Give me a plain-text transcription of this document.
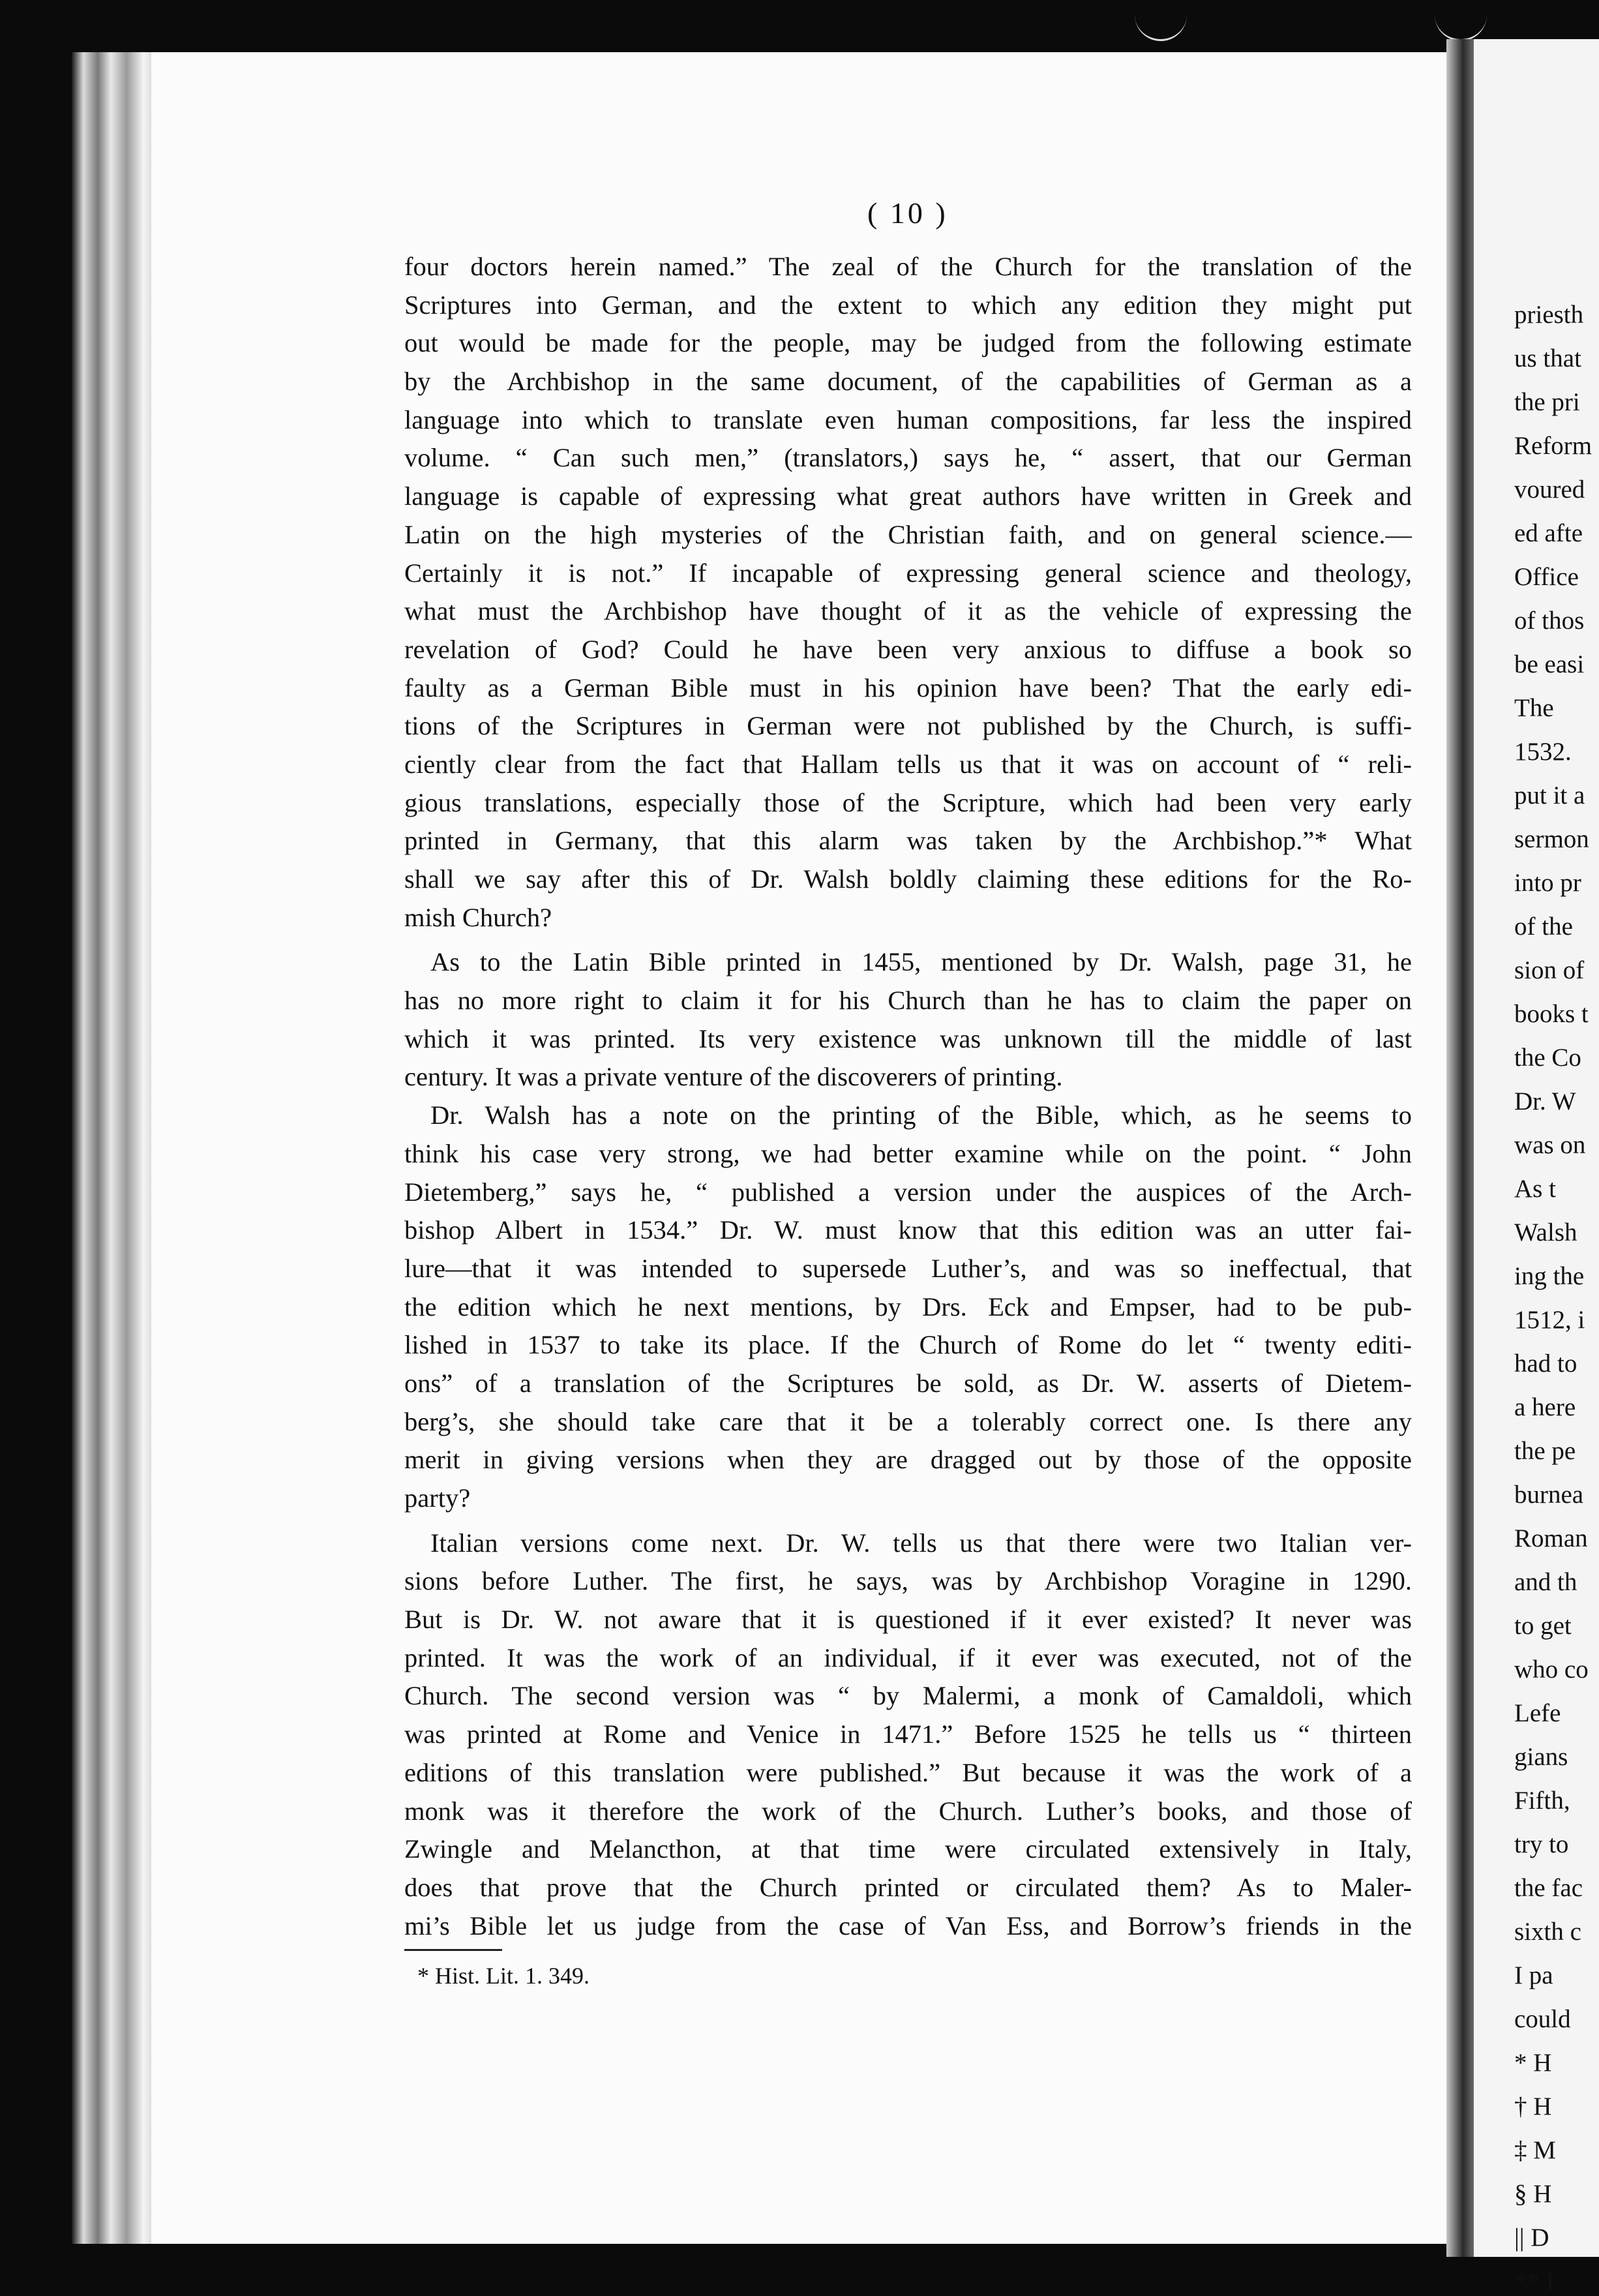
( 10 )
four doctors herein named.” The zeal of the Church for the translation of the
Scriptures into German, and the extent to which any edition they might put
out would be made for the people, may be judged from the following estimate
by the Archbishop in the same document, of the capabilities of German as a
language into which to translate even human compositions, far less the inspired
volume. “ Can such men,” (translators,) says he, “ assert, that our German
language is capable of expressing what great authors have written in Greek and
Latin on the high mysteries of the Christian faith, and on general science.—
Certainly it is not.” If incapable of expressing general science and theology,
what must the Archbishop have thought of it as the vehicle of expressing the
revelation of God? Could he have been very anxious to diffuse a book so
faulty as a German Bible must in his opinion have been? That the early edi-
tions of the Scriptures in German were not published by the Church, is suffi-
ciently clear from the fact that Hallam tells us that it was on account of “ reli-
gious translations, especially those of the Scripture, which had been very early
printed in Germany, that this alarm was taken by the Archbishop.”* What
shall we say after this of Dr. Walsh boldly claiming these editions for the Ro-
mish Church?
As to the Latin Bible printed in 1455, mentioned by Dr. Walsh, page 31, he
has no more right to claim it for his Church than he has to claim the paper on
which it was printed. Its very existence was unknown till the middle of last
century. It was a private venture of the discoverers of printing.
Dr. Walsh has a note on the printing of the Bible, which, as he seems to
think his case very strong, we had better examine while on the point. “ John
Dietemberg,” says he, “ published a version under the auspices of the Arch-
bishop Albert in 1534.” Dr. W. must know that this edition was an utter fai-
lure—that it was intended to supersede Luther’s, and was so ineffectual, that
the edition which he next mentions, by Drs. Eck and Empser, had to be pub-
lished in 1537 to take its place. If the Church of Rome do let “ twenty editi-
ons” of a translation of the Scriptures be sold, as Dr. W. asserts of Dietem-
berg’s, she should take care that it be a tolerably correct one. Is there any
merit in giving versions when they are dragged out by those of the opposite
party?
Italian versions come next. Dr. W. tells us that there were two Italian ver-
sions before Luther. The first, he says, was by Archbishop Voragine in 1290.
But is Dr. W. not aware that it is questioned if it ever existed? It never was
printed. It was the work of an individual, if it ever was executed, not of the
Church. The second version was “ by Malermi, a monk of Camaldoli, which
was printed at Rome and Venice in 1471.” Before 1525 he tells us “ thirteen
editions of this translation were published.” But because it was the work of a
monk was it therefore the work of the Church. Luther’s books, and those of
Zwingle and Melancthon, at that time were circulated extensively in Italy,
does that prove that the Church printed or circulated them? As to Maler-
mi’s Bible let us judge from the case of Van Ess, and Borrow’s friends in the
* Hist. Lit. 1. 349.
priesth
us that
the pri
Reform
voured
ed afte
Office
of thos
be easi
The
1532.
put it a
sermon
into pr
of the
sion of
books t
the Co
Dr. W
was on
As t
Walsh
ing the
1512, i
had to
a here
the pe
burnea
Roman
and th
to get
who co
Lefe
gians
Fifth,
try to
the fac
sixth c
I pa
could
* H
† H
‡ M
§ H
|| D
** I
